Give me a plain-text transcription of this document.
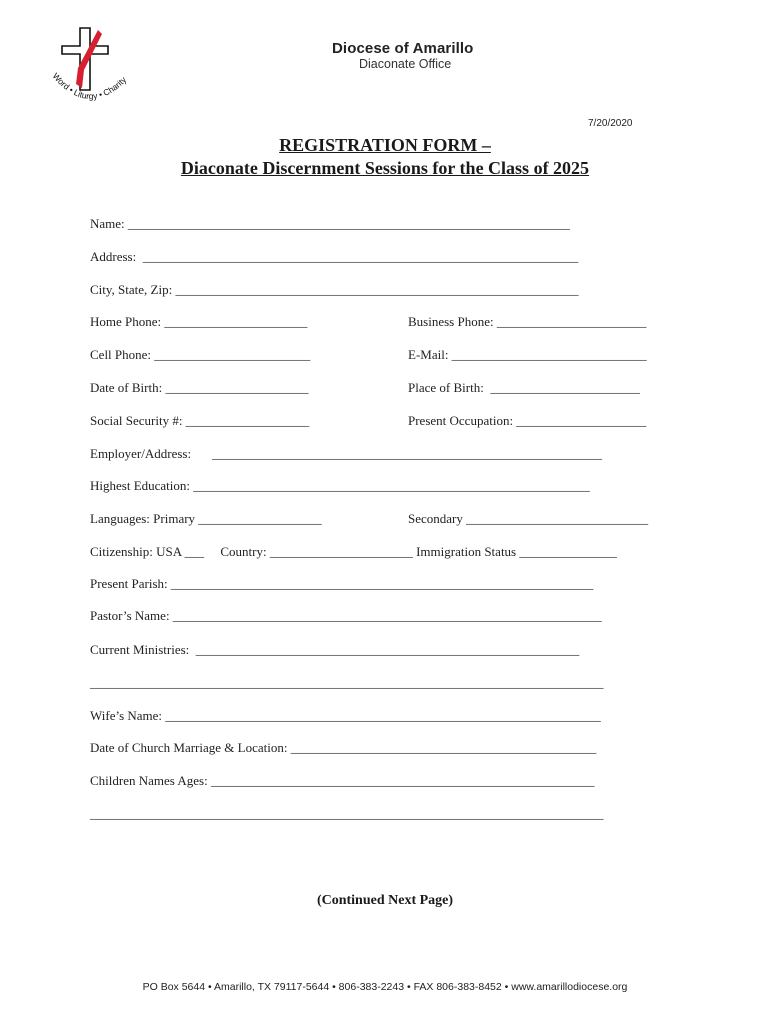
Word • Liturgy • Charity
Diocese of Amarillo
Diaconate Office
7/20/2020
REGISTRATION FORM –
Diaconate Discernment Sessions for the Class of 2025
Name: ____________________________________________________________________
Address:  ___________________________________________________________________
City, State, Zip: ______________________________________________________________
Home Phone: ______________________	Business Phone: _______________________
Cell Phone: ________________________	E-Mail: ______________________________
Date of Birth: ______________________	Place of Birth:  _______________________
Social Security #: ___________________	Present Occupation: ____________________
Employer/Address: ____________________________________________________________
Highest Education: _____________________________________________________________
Languages: Primary ___________________	Secondary ____________________________
Citizenship: USA ___     Country: ______________________ Immigration Status _______________
Present Parish: _________________________________________________________________
Pastor’s Name: __________________________________________________________________
Current Ministries:  ___________________________________________________________
_______________________________________________________________________________
Wife’s Name: ___________________________________________________________________
Date of Church Marriage & Location: _______________________________________________
Children Names Ages: ___________________________________________________________
_______________________________________________________________________________
(Continued Next Page)
PO Box 5644 • Amarillo, TX 79117-5644 • 806-383-2243 • FAX 806-383-8452 • www.amarillodiocese.org
